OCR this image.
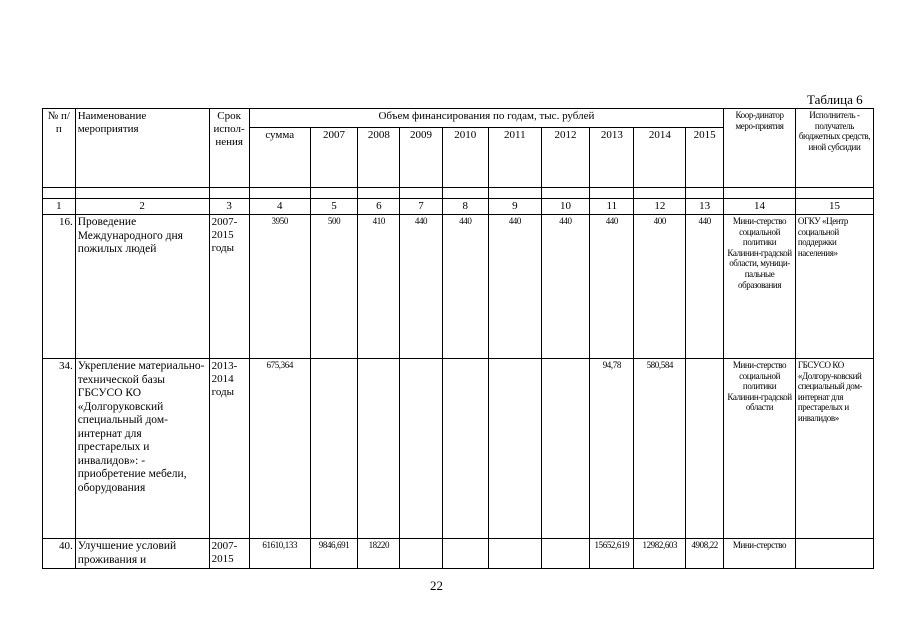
Таблица 6
№ п/п	Наименование мероприятия	Срок испол-нения	Объем финансирования по годам, тыс. рублей										Коор-динатор меро-приятия	Исполнитель - получатель бюджетных средств, иной субсидии
			сумма	2007	2008	2009	2010	2011	2012	2013	2014	2015		

1	2	3	4	5	6	7	8	9	10	11	12	13	14	15
16.	Проведение Международного дня пожилых людей	2007-2015 годы	3950	500	410	440	440	440	440	440	400	440	Мини-стерство социальной политики Калинин-градской области, муници-пальные образования	ОГКУ «Центр социальной поддержки населения»
34.	Укрепление материально-технической базы ГБСУСО КО «Долгоруковский специальный дом-интернат для престарелых и инвалидов»: - приобретение мебели, оборудования	2013-2014 годы	675,364							94,78	580,584		Мини-стерство социальной политики Калинин-градской области	ГБСУСО КО «Долгору-ковский специальный дом-интернат для престарелых и инвалидов»
40.	Улучшение условий проживания и	2007-2015	61610,133	9846,691	18220					15652,619	12982,603	4908,22	Мини-стерство	
22
